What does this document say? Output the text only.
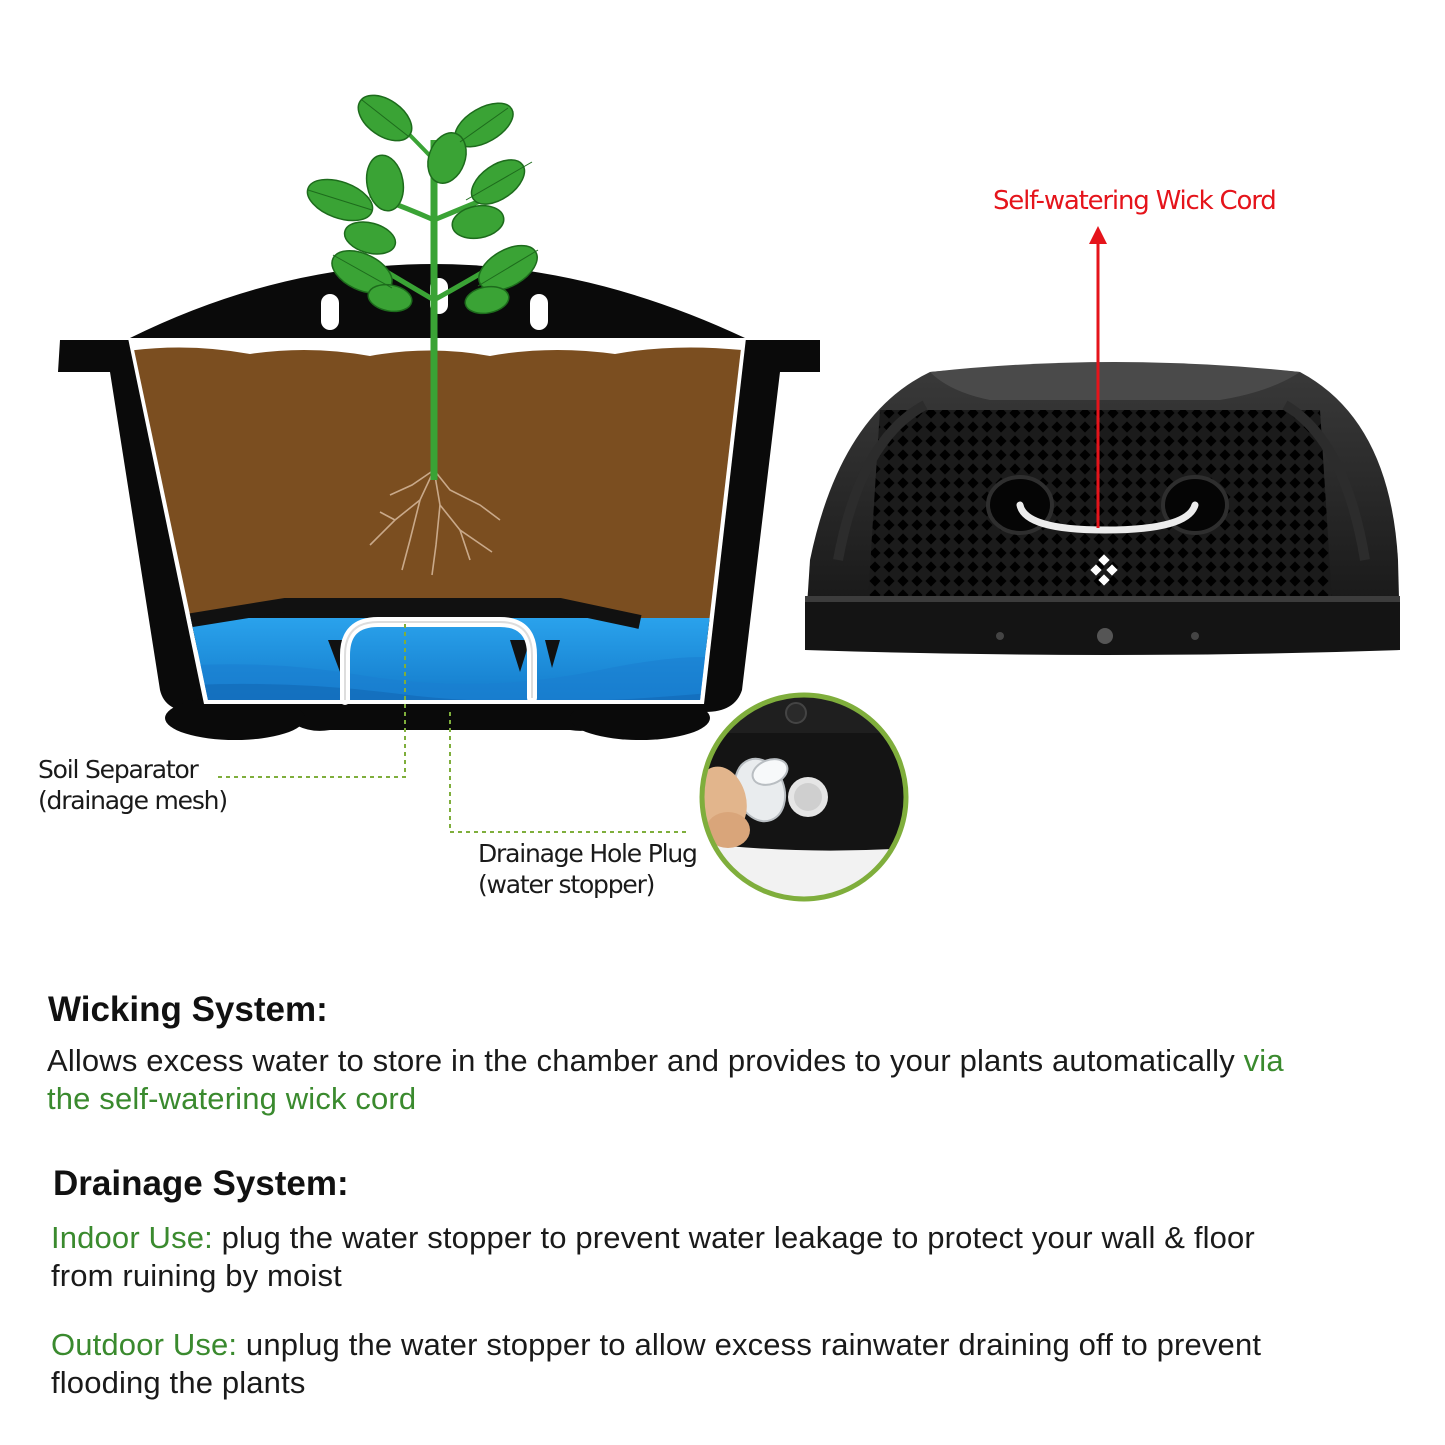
Self-watering Wick Cord
Soil Separator
(drainage mesh)
Drainage Hole Plug
(water stopper)
Wicking System:
Allows excess water to store in the chamber and provides to your plants automatically via
the self-watering wick cord
Drainage System:
Indoor Use: plug the water stopper to prevent water leakage to protect your wall & floor
from ruining by moist
Outdoor Use: unplug the water stopper to allow excess rainwater draining off to prevent
flooding the plants
